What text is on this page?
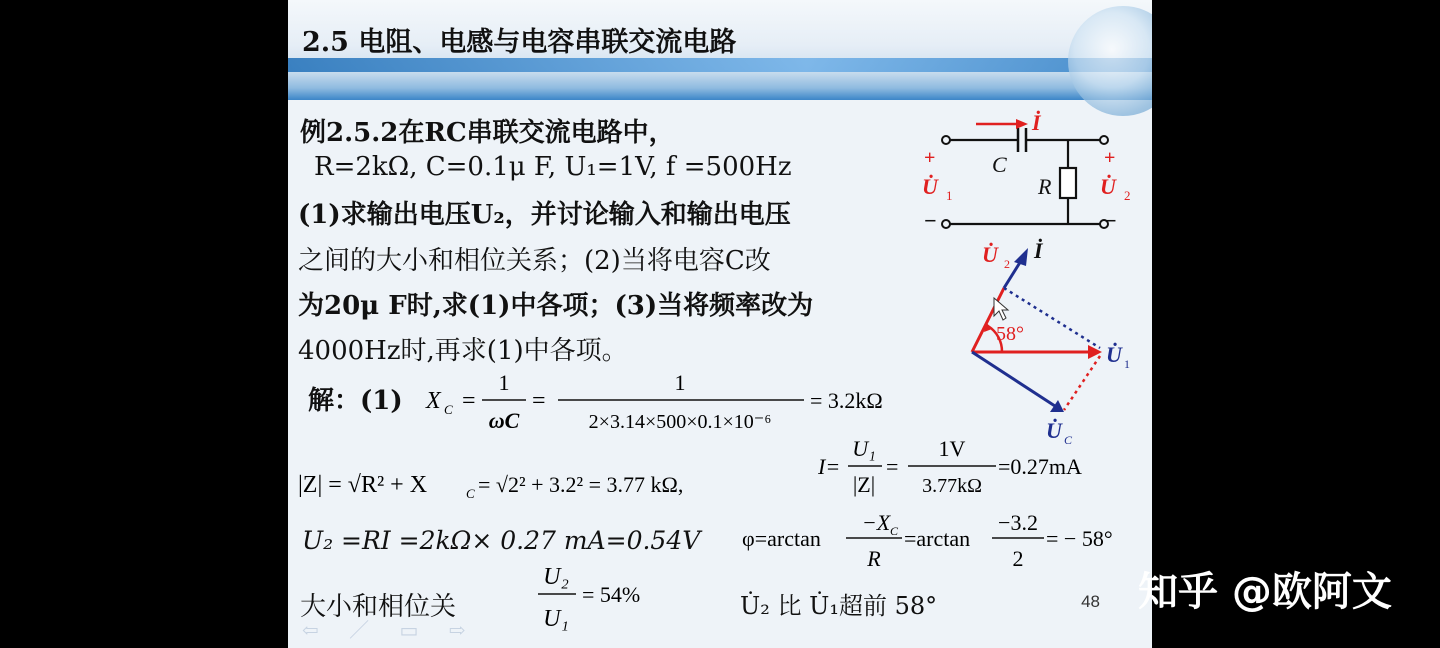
2.5 电阻、电感与电容串联交流电路
例2.5.2在RC串联交流电路中，
R=2kΩ, C=0.1μ F, U₁=1V, f =500Hz
(1)求输出电压U₂，并讨论输入和输出电压
之间的大小和相位关系；(2)当将电容C改
为20μ F时,求(1)中各项；(3)当将频率改为
4000Hz时,再求(1)中各项。
解：(1) X C =
1
ωC
=
1
2×3.14×500×0.1×10⁻⁶
= 3.2kΩ
|Z| = √R² + X	C = √2² + 3.2² = 3.77 kΩ,
I=
U₁
|Z|
=
1V
3.77kΩ
=0.27mA
U₂ =RI =2kΩ× 0.27 mA=0.54V φ=arctan
−X C
R
=arctan
−3.2
2
= − 58°
大小和相位关
U₂
U₁
= 54%	U̇₂ 比 U̇₁超前 58°
İ
C
R
+
U̇ 1
−
+
U̇ 2
−
U̇ 2
İ
U̇ 1
U̇ C
58°
48
⇦ ／ ▭ ⇨
知乎 @欧阿文
